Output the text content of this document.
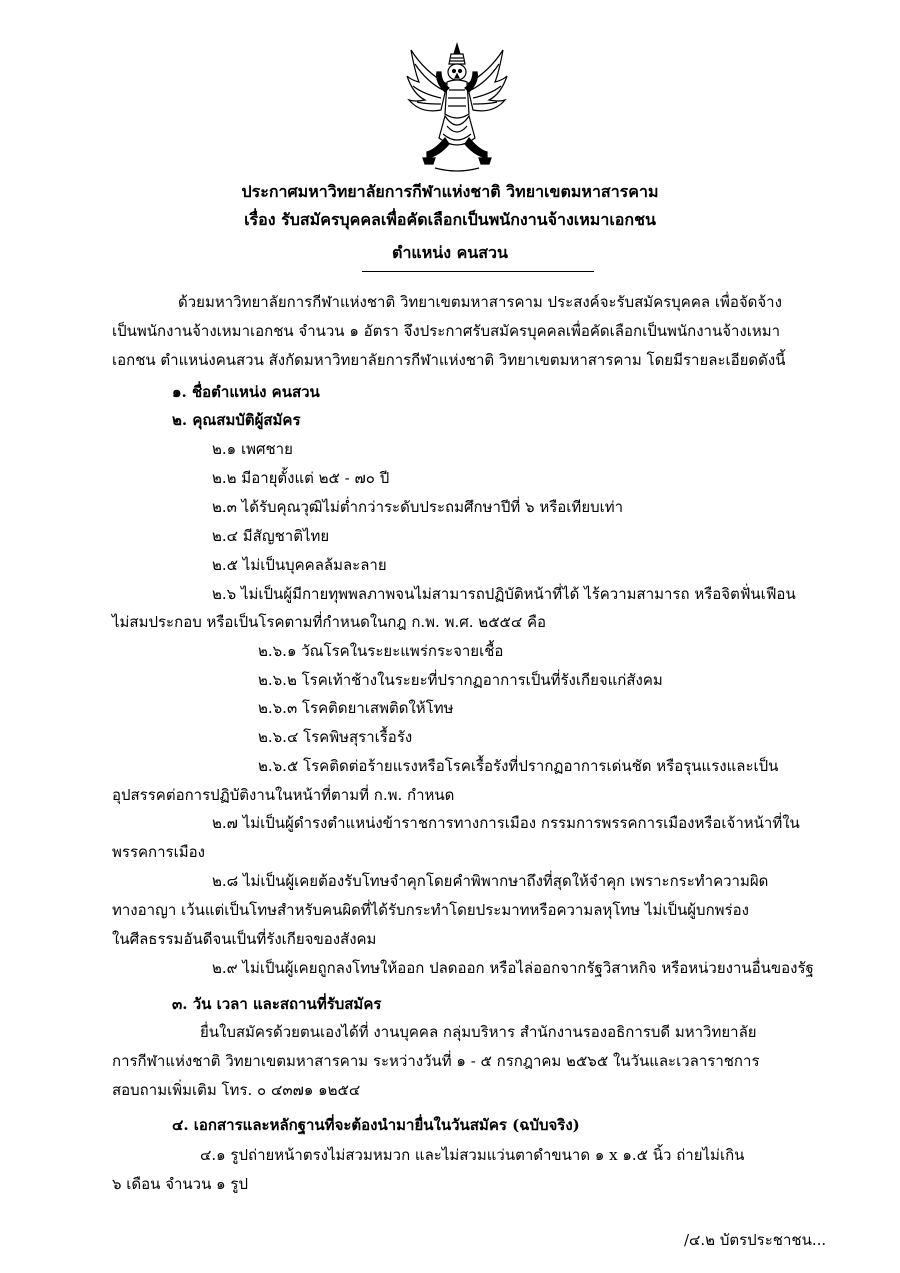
ประกาศมหาวิทยาลัยการกีฬาแห่งชาติ วิทยาเขตมหาสารคาม
เรื่อง รับสมัครบุคคลเพื่อคัดเลือกเป็นพนักงานจ้างเหมาเอกชน
ตำแหน่ง คนสวน
ด้วยมหาวิทยาลัยการกีฬาแห่งชาติ วิทยาเขตมหาสารคาม ประสงค์จะรับสมัครบุคคล เพื่อจัดจ้าง
เป็นพนักงานจ้างเหมาเอกชน จำนวน ๑ อัตรา จึงประกาศรับสมัครบุคคลเพื่อคัดเลือกเป็นพนักงานจ้างเหมา
เอกชน ตำแหน่งคนสวน สังกัดมหาวิทยาลัยการกีฬาแห่งชาติ วิทยาเขตมหาสารคาม โดยมีรายละเอียดดังนี้
๑. ชื่อตำแหน่ง คนสวน
๒. คุณสมบัติผู้สมัคร
๒.๑ เพศชาย
๒.๒ มีอายุตั้งแต่ ๒๕ - ๗๐ ปี
๒.๓ ได้รับคุณวุฒิไม่ต่ำกว่าระดับประถมศึกษาปีที่ ๖ หรือเทียบเท่า
๒.๔ มีสัญชาติไทย
๒.๕ ไม่เป็นบุคคลล้มละลาย
๒.๖ ไม่เป็นผู้มีกายทุพพลภาพจนไม่สามารถปฏิบัติหน้าที่ได้ ไร้ความสามารถ หรือจิตฟั่นเฟือน
ไม่สมประกอบ หรือเป็นโรคตามที่กำหนดในกฎ ก.พ. พ.ศ. ๒๕๕๔ คือ
๒.๖.๑ วัณโรคในระยะแพร่กระจายเชื้อ
๒.๖.๒ โรคเท้าช้างในระยะที่ปรากฏอาการเป็นที่รังเกียจแก่สังคม
๒.๖.๓ โรคติดยาเสพติดให้โทษ
๒.๖.๔ โรคพิษสุราเรื้อรัง
๒.๖.๕ โรคติดต่อร้ายแรงหรือโรคเรื้อรังที่ปรากฏอาการเด่นชัด หรือรุนแรงและเป็น
อุปสรรคต่อการปฏิบัติงานในหน้าที่ตามที่ ก.พ. กำหนด
๒.๗ ไม่เป็นผู้ดำรงตำแหน่งข้าราชการทางการเมือง กรรมการพรรคการเมืองหรือเจ้าหน้าที่ใน
พรรคการเมือง
๒.๘ ไม่เป็นผู้เคยต้องรับโทษจำคุกโดยคำพิพากษาถึงที่สุดให้จำคุก เพราะกระทำความผิด
ทางอาญา เว้นแต่เป็นโทษสำหรับคนผิดที่ได้รับกระทำโดยประมาทหรือความลหุโทษ ไม่เป็นผู้บกพร่อง
ในศีลธรรมอันดีจนเป็นที่รังเกียจของสังคม
๒.๙ ไม่เป็นผู้เคยถูกลงโทษให้ออก ปลดออก หรือไล่ออกจากรัฐวิสาหกิจ หรือหน่วยงานอื่นของรัฐ
๓. วัน เวลา และสถานที่รับสมัคร
ยื่นใบสมัครด้วยตนเองได้ที่ งานบุคคล กลุ่มบริหาร สำนักงานรองอธิการบดี มหาวิทยาลัย
การกีฬาแห่งชาติ วิทยาเขตมหาสารคาม ระหว่างวันที่ ๑ - ๕ กรกฎาคม ๒๕๖๕ ในวันและเวลาราชการ
สอบถามเพิ่มเติม โทร. ๐ ๔๓๗๑ ๑๒๕๔
๔. เอกสารและหลักฐานที่จะต้องนำมายื่นในวันสมัคร (ฉบับจริง)
๔.๑ รูปถ่ายหน้าตรงไม่สวมหมวก และไม่สวมแว่นตาดำขนาด ๑ x ๑.๕ นิ้ว ถ่ายไม่เกิน
๖ เดือน จำนวน ๑ รูป
/๔.๒ บัตรประชาชน...
